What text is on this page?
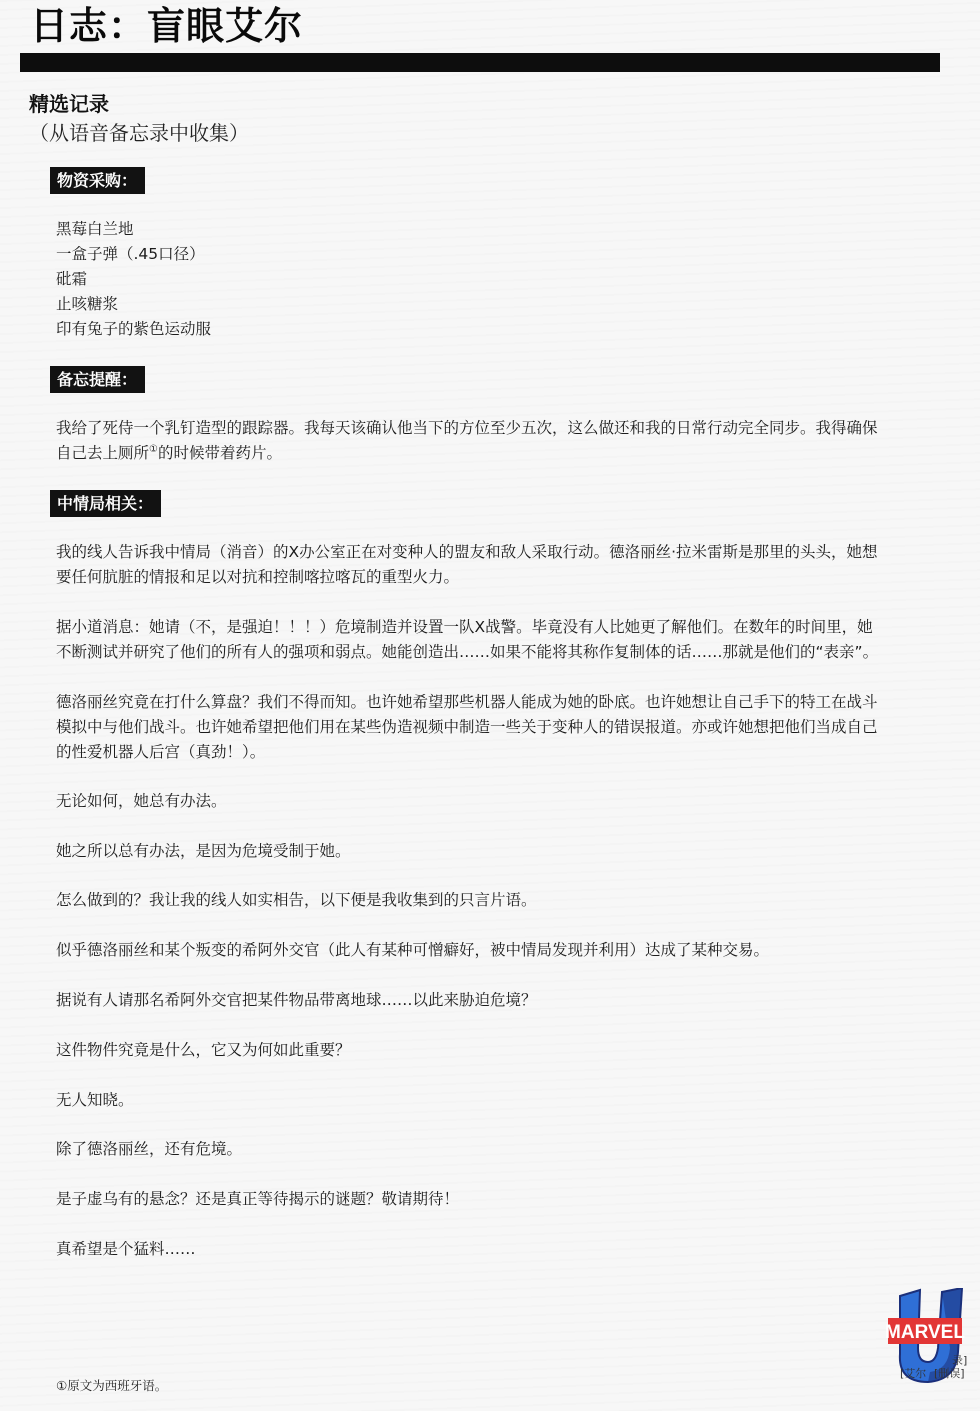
日志：盲眼艾尔
精选记录
（从语音备忘录中收集）
物资采购：
黑莓白兰地
一盒子弹（.45口径）
砒霜
止咳糖浆
印有兔子的紫色运动服
备忘提醒：

我给了死侍一个乳钉造型的跟踪器。我每天该确认他当下的方位至少五次，这么做还和我的日常行动完全同步。我得确保自己去上厕所①的时候带着药片。

中情局相关：
我的线人告诉我中情局（消音）的X办公室正在对变种人的盟友和敌人采取行动。德洛丽丝·拉米雷斯是那里的头头，她想要任何肮脏的情报和足以对抗和控制喀拉喀瓦的重型火力。
据小道消息：她请（不，是强迫！！！）危境制造并设置一队X战警。毕竟没有人比她更了解他们。在数年的时间里，她不断测试并研究了他们的所有人的强项和弱点。她能创造出……如果不能将其称作复制体的话……那就是他们的“表亲”。
德洛丽丝究竟在打什么算盘？我们不得而知。也许她希望那些机器人能成为她的卧底。也许她想让自己手下的特工在战斗模拟中与他们战斗。也许她希望把他们用在某些伪造视频中制造一些关于变种人的错误报道。亦或许她想把他们当成自己的性爱机器人后宫（真劲！）。
无论如何，她总有办法。
她之所以总有办法，是因为危境受制于她。
怎么做到的？我让我的线人如实相告，以下便是我收集到的只言片语。
似乎德洛丽丝和某个叛变的希阿外交官（此人有某种可憎癖好，被中情局发现并利用）达成了某种交易。
据说有人请那名希阿外交官把某件物品带离地球……以此来胁迫危境？
这件物件究竟是什么，它又为何如此重要？
无人知晓。
除了德洛丽丝，还有危境。
是子虚乌有的悬念？还是真正等待揭示的谜题？敬请期待！
真希望是个猛料……
①原文为西班牙语。
MARVEL
录]
[艾尔 [删误]
